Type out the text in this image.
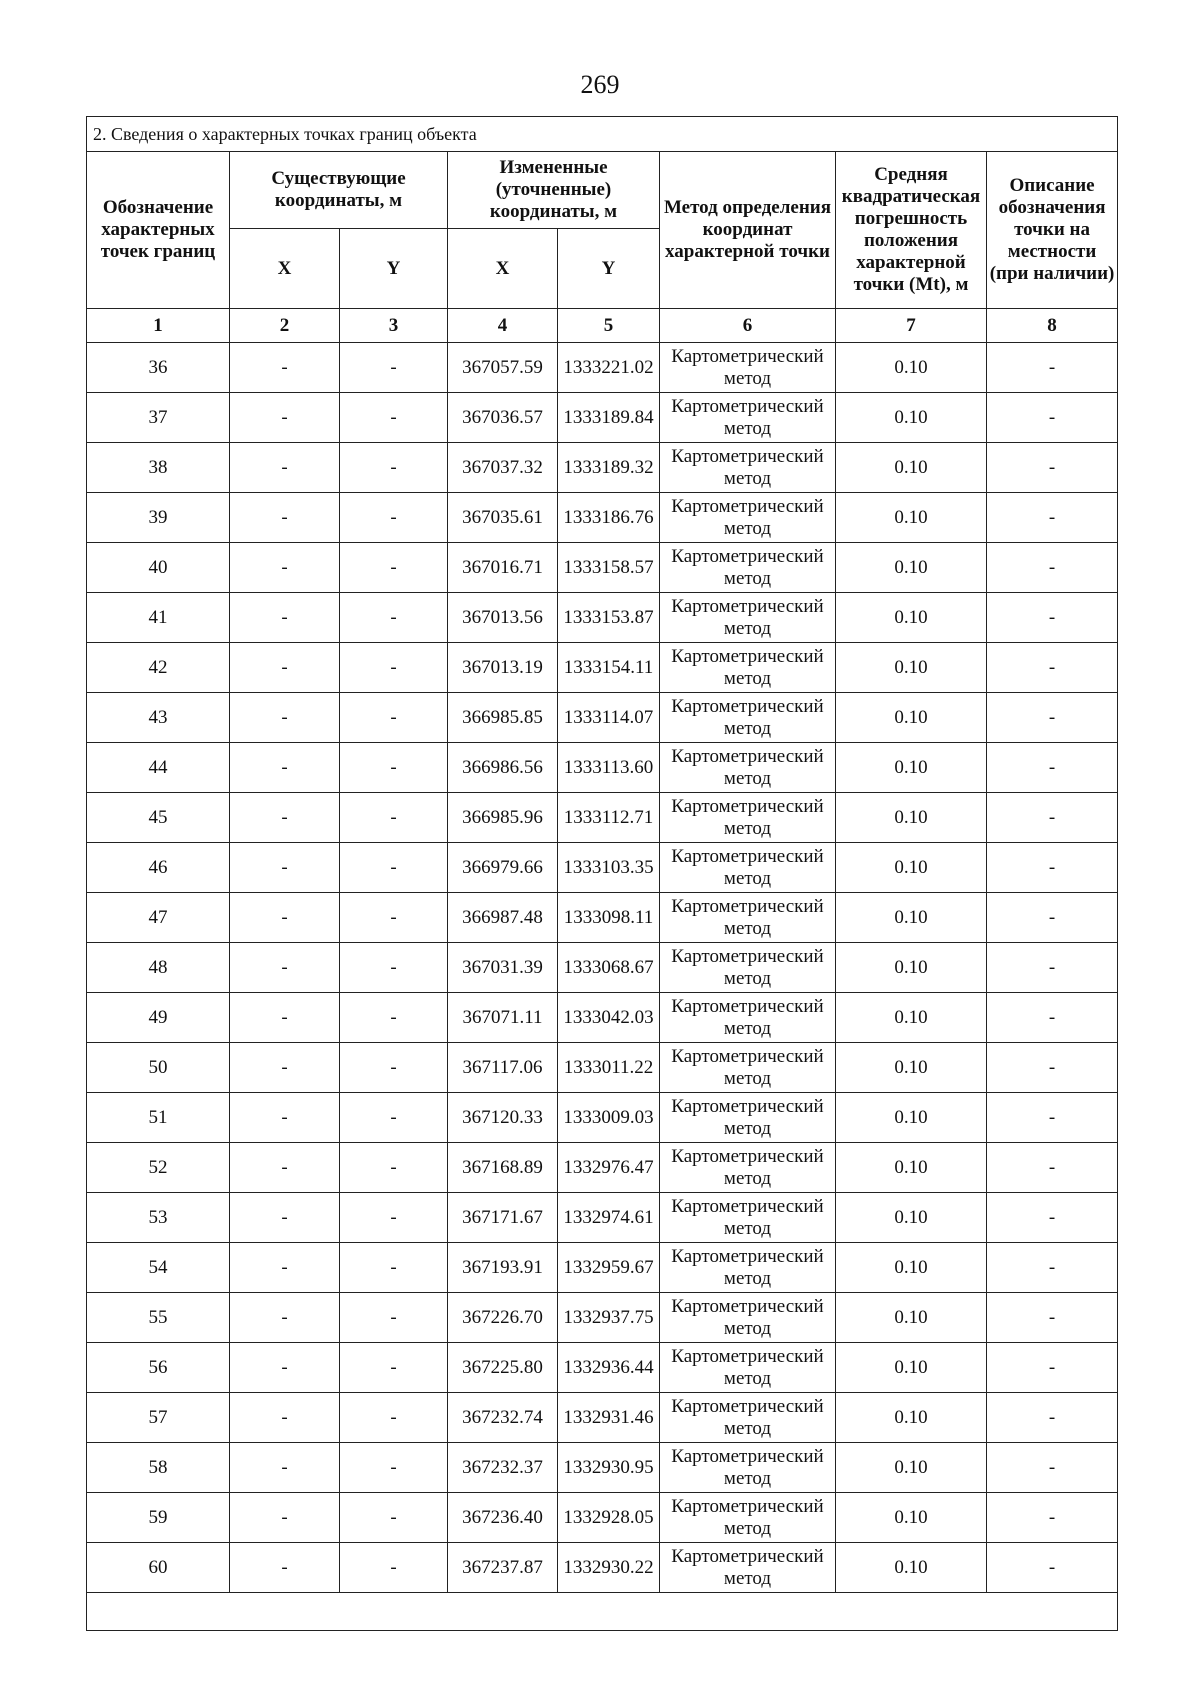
269
2. Сведения о характерных точках границ объекта							
Обозначение характерных точек границ	Существующие координаты, м		Измененные (уточненные) координаты, м		Метод определения координат характерной точки	Средняя квадратическая погрешность положения характерной точки (Mt), м	Описание обозначения точки на местности (при наличии)
	X	Y	X	Y			
1	2	3	4	5	6	7	8
36	-	-	367057.59	1333221.02	Картометрический метод	0.10	-
37	-	-	367036.57	1333189.84	Картометрический метод	0.10	-
38	-	-	367037.32	1333189.32	Картометрический метод	0.10	-
39	-	-	367035.61	1333186.76	Картометрический метод	0.10	-
40	-	-	367016.71	1333158.57	Картометрический метод	0.10	-
41	-	-	367013.56	1333153.87	Картометрический метод	0.10	-
42	-	-	367013.19	1333154.11	Картометрический метод	0.10	-
43	-	-	366985.85	1333114.07	Картометрический метод	0.10	-
44	-	-	366986.56	1333113.60	Картометрический метод	0.10	-
45	-	-	366985.96	1333112.71	Картометрический метод	0.10	-
46	-	-	366979.66	1333103.35	Картометрический метод	0.10	-
47	-	-	366987.48	1333098.11	Картометрический метод	0.10	-
48	-	-	367031.39	1333068.67	Картометрический метод	0.10	-
49	-	-	367071.11	1333042.03	Картометрический метод	0.10	-
50	-	-	367117.06	1333011.22	Картометрический метод	0.10	-
51	-	-	367120.33	1333009.03	Картометрический метод	0.10	-
52	-	-	367168.89	1332976.47	Картометрический метод	0.10	-
53	-	-	367171.67	1332974.61	Картометрический метод	0.10	-
54	-	-	367193.91	1332959.67	Картометрический метод	0.10	-
55	-	-	367226.70	1332937.75	Картометрический метод	0.10	-
56	-	-	367225.80	1332936.44	Картометрический метод	0.10	-
57	-	-	367232.74	1332931.46	Картометрический метод	0.10	-
58	-	-	367232.37	1332930.95	Картометрический метод	0.10	-
59	-	-	367236.40	1332928.05	Картометрический метод	0.10	-
60	-	-	367237.87	1332930.22	Картометрический метод	0.10	-
